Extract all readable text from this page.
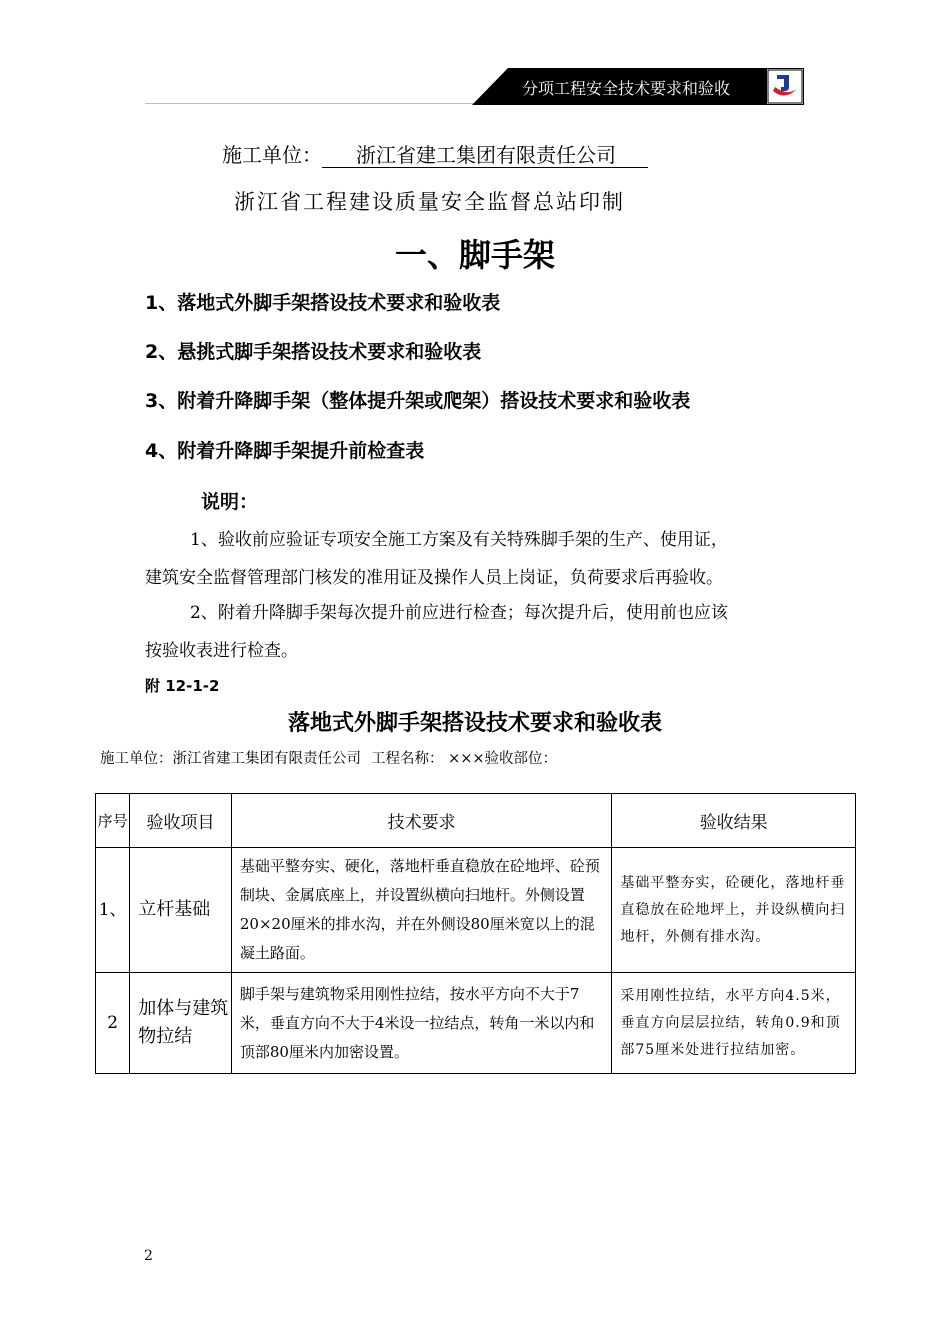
分项工程安全技术要求和验收
施工单位： 浙江省建工集团有限责任公司
浙江省工程建设质量安全监督总站印制
一、脚手架
1、落地式外脚手架搭设技术要求和验收表
2、悬挑式脚手架搭设技术要求和验收表
3、附着升降脚手架（整体提升架或爬架）搭设技术要求和验收表
4、附着升降脚手架提升前检查表
说明：
1、验收前应验证专项安全施工方案及有关特殊脚手架的生产、使用证，
建筑安全监督管理部门核发的准用证及操作人员上岗证，负荷要求后再验收。
2、附着升降脚手架每次提升前应进行检查；每次提升后，使用前也应该
按验收表进行检查。
附 12-1-2
落地式外脚手架搭设技术要求和验收表
施工单位：浙江省建工集团有限责任公司 工程名称： ×××验收部位：
序号	验收项目	技术要求	验收结果
1、	立杆基础	基础平整夯实、硬化，落地杆垂直稳放在砼地坪、砼预制块、金属底座上，并设置纵横向扫地杆。外侧设置20×20厘米的排水沟，并在外侧设80厘米宽以上的混凝土路面。	基础平整夯实，砼硬化，落地杆垂直稳放在砼地坪上，并设纵横向扫地杆，外侧有排水沟。
2	加体与建筑物拉结	脚手架与建筑物采用刚性拉结，按水平方向不大于7米，垂直方向不大于4米设一拉结点，转角一米以内和顶部80厘米内加密设置。	采用刚性拉结，水平方向4.5米，垂直方向层层拉结，转角0.9和顶部75厘米处进行拉结加密。
2
